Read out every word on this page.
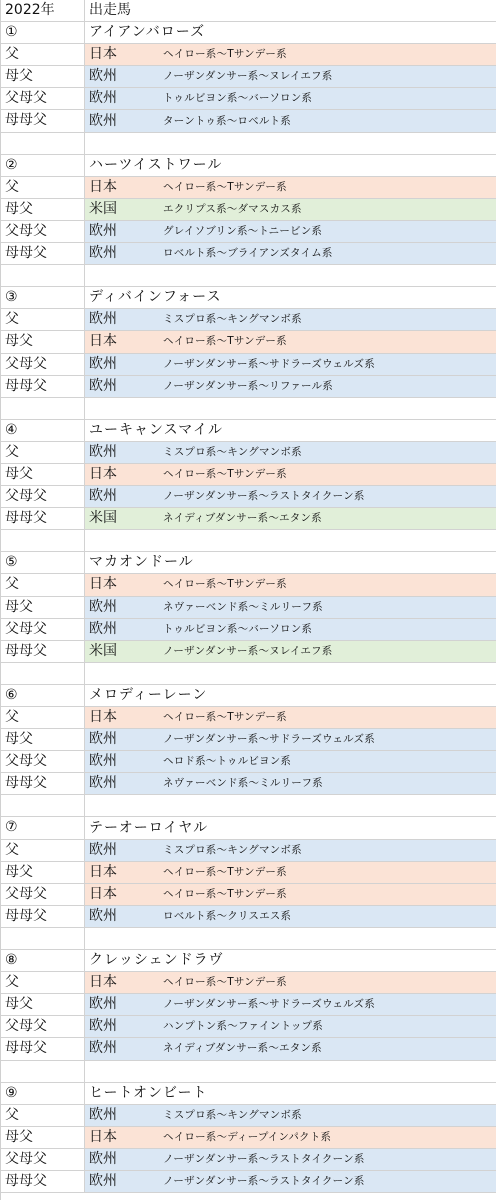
2022年	出走馬
①	アイアンバローズ
父	日本	ヘイロー系～Tサンデー系
母父	欧州	ノーザンダンサー系～ヌレイエフ系
父母父	欧州	トゥルビヨン系～バーソロン系
母母父	欧州	ターントゥ系～ロベルト系
②	ハーツイストワール
父	日本	ヘイロー系～Tサンデー系
母父	米国	エクリプス系～ダマスカス系
父母父	欧州	グレイソブリン系～トニービン系
母母父	欧州	ロベルト系～ブライアンズタイム系
③	ディバインフォース
父	欧州	ミスプロ系～キングマンボ系
母父	日本	ヘイロー系～Tサンデー系
父母父	欧州	ノーザンダンサー系～サドラーズウェルズ系
母母父	欧州	ノーザンダンサー系～リファール系
④	ユーキャンスマイル
父	欧州	ミスプロ系～キングマンボ系
母父	日本	ヘイロー系～Tサンデー系
父母父	欧州	ノーザンダンサー系～ラストタイクーン系
母母父	米国	ネイディブダンサー系～エタン系
⑤	マカオンドール
父	日本	ヘイロー系～Tサンデー系
母父	欧州	ネヴァーベンド系～ミルリーフ系
父母父	欧州	トゥルビヨン系～バーソロン系
母母父	米国	ノーザンダンサー系～ヌレイエフ系
⑥	メロディーレーン
父	日本	ヘイロー系～Tサンデー系
母父	欧州	ノーザンダンサー系～サドラーズウェルズ系
父母父	欧州	ヘロド系～トゥルビヨン系
母母父	欧州	ネヴァーベンド系～ミルリーフ系
⑦	テーオーロイヤル
父	欧州	ミスプロ系～キングマンボ系
母父	日本	ヘイロー系～Tサンデー系
父母父	日本	ヘイロー系～Tサンデー系
母母父	欧州	ロベルト系～クリスエス系
⑧	クレッシェンドラヴ
父	日本	ヘイロー系～Tサンデー系
母父	欧州	ノーザンダンサー系～サドラーズウェルズ系
父母父	欧州	ハンプトン系～ファイントップ系
母母父	欧州	ネイディブダンサー系～エタン系
⑨	ヒートオンビート
父	欧州	ミスプロ系～キングマンボ系
母父	日本	ヘイロー系～ディープインパクト系
父母父	欧州	ノーザンダンサー系～ラストタイクーン系
母母父	欧州	ノーザンダンサー系～ラストタイクーン系
